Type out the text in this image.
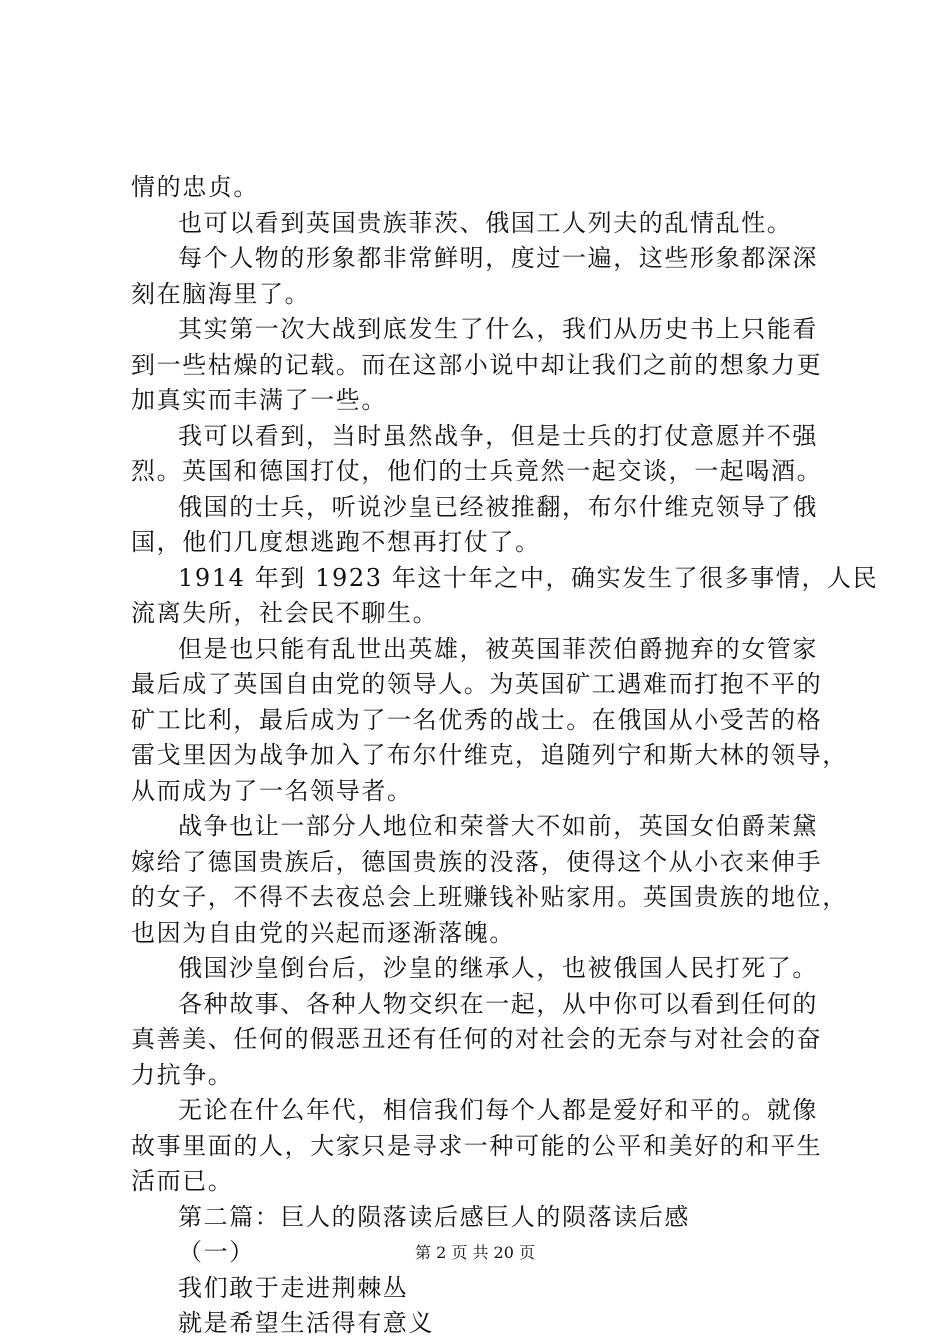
情的忠贞。
也可以看到英国贵族菲茨、俄国工人列夫的乱情乱性。
每个人物的形象都非常鲜明，度过一遍，这些形象都深深
刻在脑海里了。
其实第一次大战到底发生了什么，我们从历史书上只能看
到一些枯燥的记载。而在这部小说中却让我们之前的想象力更
加真实而丰满了一些。
我可以看到，当时虽然战争，但是士兵的打仗意愿并不强
烈。英国和德国打仗，他们的士兵竟然一起交谈，一起喝酒。
俄国的士兵，听说沙皇已经被推翻，布尔什维克领导了俄
国，他们几度想逃跑不想再打仗了。
1914 年到 1923 年这十年之中，确实发生了很多事情，人民
流离失所，社会民不聊生。
但是也只能有乱世出英雄，被英国菲茨伯爵抛弃的女管家
最后成了英国自由党的领导人。为英国矿工遇难而打抱不平的
矿工比利，最后成为了一名优秀的战士。在俄国从小受苦的格
雷戈里因为战争加入了布尔什维克，追随列宁和斯大林的领导，
从而成为了一名领导者。
战争也让一部分人地位和荣誉大不如前，英国女伯爵茉黛
嫁给了德国贵族后，德国贵族的没落，使得这个从小衣来伸手
的女子，不得不去夜总会上班赚钱补贴家用。英国贵族的地位，
也因为自由党的兴起而逐渐落魄。
俄国沙皇倒台后，沙皇的继承人，也被俄国人民打死了。
各种故事、各种人物交织在一起，从中你可以看到任何的
真善美、任何的假恶丑还有任何的对社会的无奈与对社会的奋
力抗争。
无论在什么年代，相信我们每个人都是爱好和平的。就像
故事里面的人，大家只是寻求一种可能的公平和美好的和平生
活而已。
第二篇：巨人的陨落读后感巨人的陨落读后感
（一）
我们敢于走进荆棘丛
就是希望生活得有意义
第 2 页 共 20 页
